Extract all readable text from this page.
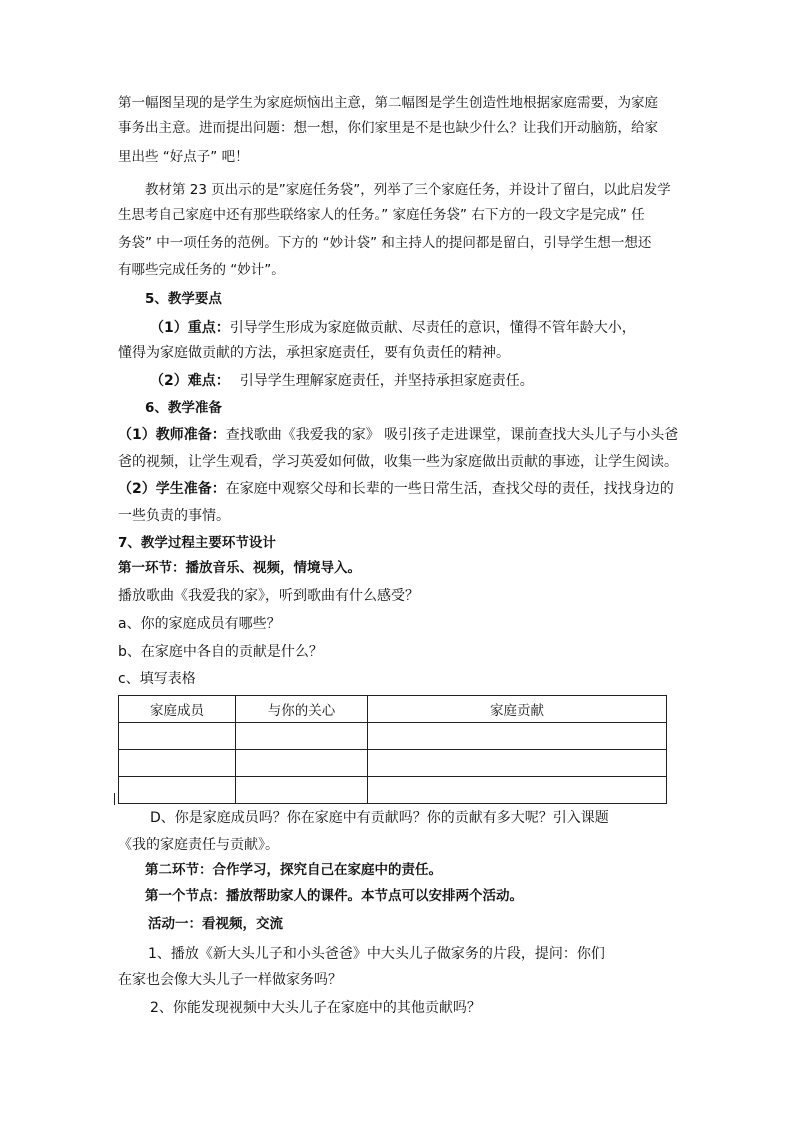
第一幅图呈现的是学生为家庭烦恼出主意，第二幅图是学生创造性地根据家庭需要，为家庭
事务出主意。进而提出问题：想一想，你们家里是不是也缺少什么？让我们开动脑筋，给家
里出些 “好点子” 吧！
教材第 23 页出示的是”家庭任务袋”，列举了三个家庭任务，并设计了留白，以此启发学
生思考自己家庭中还有那些联络家人的任务。” 家庭任务袋” 右下方的一段文字是完成” 任
务袋” 中一项任务的范例。下方的 “妙计袋” 和主持人的提问都是留白，引导学生想一想还
有哪些完成任务的 “妙计”。
5、教学要点
（1）重点：引导学生形成为家庭做贡献、尽责任的意识，懂得不管年龄大小，
懂得为家庭做贡献的方法，承担家庭责任，要有负责任的精神。
（2）难点： 引导学生理解家庭责任，并坚持承担家庭责任。
6、教学准备
（1）教师准备：查找歌曲《我爱我的家》 吸引孩子走进课堂，课前查找大头儿子与小头爸
爸的视频，让学生观看，学习英爱如何做，收集一些为家庭做出贡献的事迹，让学生阅读。
（2）学生准备：在家庭中观察父母和长辈的一些日常生活，查找父母的责任，找找身边的
一些负责的事情。
7、教学过程主要环节设计
第一环节：播放音乐、视频，情境导入。
播放歌曲《我爱我的家》，听到歌曲有什么感受？
a、你的家庭成员有哪些？
b、在家庭中各自的贡献是什么？
c、填写表格
家庭成员	与你的关心	家庭贡献

D、你是家庭成员吗？你在家庭中有贡献吗？你的贡献有多大呢？引入课题
《我的家庭责任与贡献》。
第二环节：合作学习，探究自己在家庭中的责任。
第一个节点：播放帮助家人的课件。本节点可以安排两个活动。
活动一：看视频，交流
1、播放《新大头儿子和小头爸爸》中大头儿子做家务的片段，提问：你们
在家也会像大头儿子一样做家务吗？
2、你能发现视频中大头儿子在家庭中的其他贡献吗？
